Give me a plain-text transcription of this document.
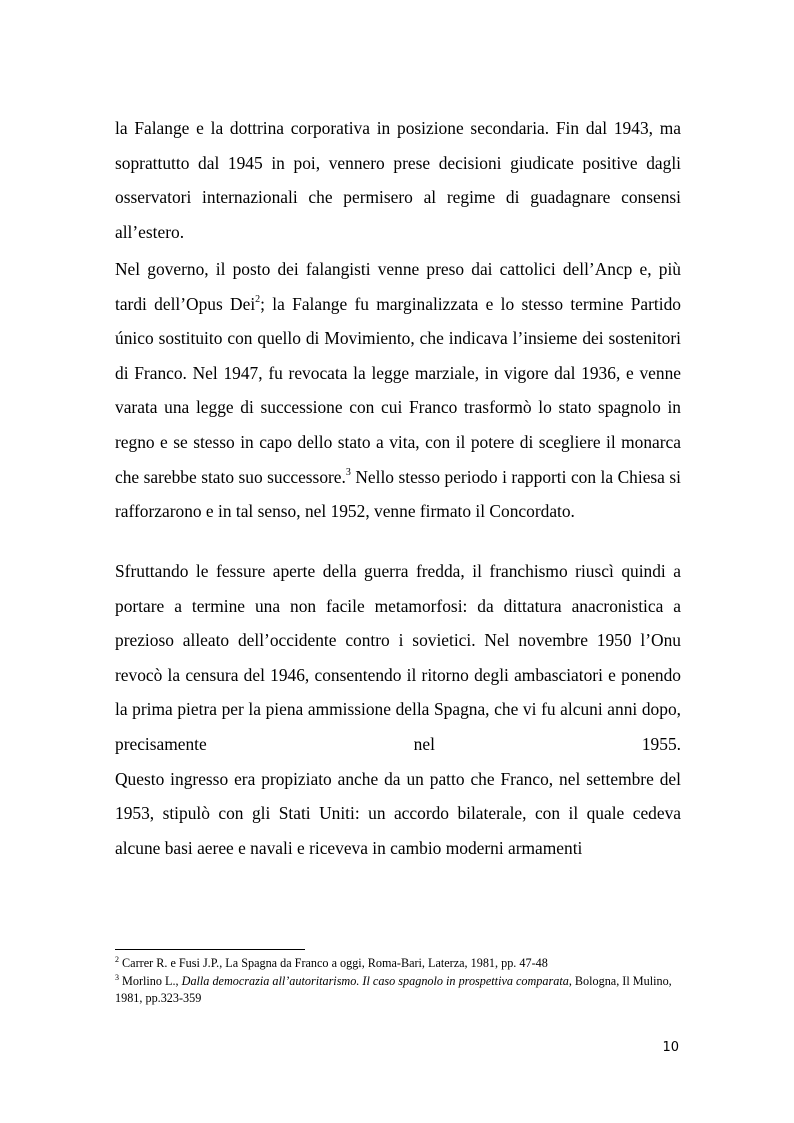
la Falange e la dottrina corporativa in posizione secondaria. Fin dal 1943, ma soprattutto dal 1945 in poi, vennero prese decisioni giudicate positive dagli osservatori internazionali che permisero al regime di guadagnare consensi all’estero.

Nel governo, il posto dei falangisti venne preso dai cattolici dell’Ancp e, più tardi dell’Opus Dei$^2$; la Falange fu marginalizzata e lo stesso termine Partido único sostituito con quello di Movimiento, che indicava l’insieme dei sostenitori di Franco. Nel 1947, fu revocata la legge marziale, in vigore dal 1936, e venne varata una legge di successione con cui Franco trasformò lo stato spagnolo in regno e se stesso in capo dello stato a vita, con il potere di scegliere il monarca che sarebbe stato suo successore.$^3$ Nello stesso periodo i rapporti con la Chiesa si rafforzarono e in tal senso, nel 1952, venne firmato il Concordato.

Sfruttando le fessure aperte della guerra fredda, il franchismo riuscì quindi a portare a termine una non facile metamorfosi: da dittatura anacronistica a prezioso alleato dell’occidente contro i sovietici. Nel novembre 1950 l’Onu revocò la censura del 1946, consentendo il ritorno degli ambasciatori e ponendo la prima pietra per la piena ammissione della Spagna, che vi fu alcuni anni dopo, precisamente nel 1955.
Questo ingresso era propiziato anche da un patto che Franco, nel settembre del 1953, stipulò con gli Stati Uniti: un accordo bilaterale, con il quale cedeva alcune basi aeree e navali e riceveva in cambio moderni armamenti

$^2$ Carrer R. e Fusi J.P., La Spagna da Franco a oggi, Roma-Bari, Laterza, 1981, pp. 47-48

$^3$ Morlino L., Dalla democrazia all’autoritarismo. Il caso spagnolo in prospettiva comparata, Bologna, Il Mulino, 1981, pp.323-359

10
